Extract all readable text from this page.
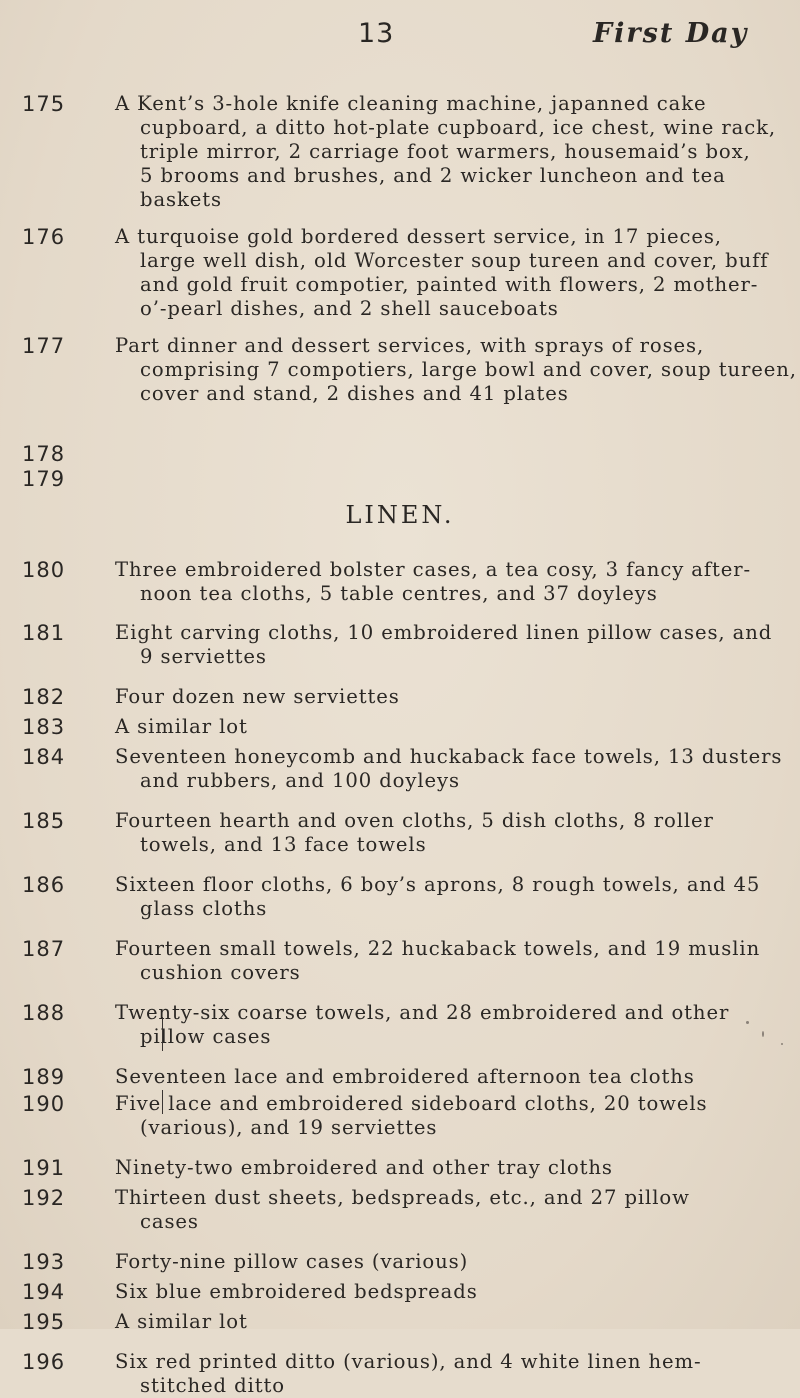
13	First Day
175	A Kent’s 3-hole knife cleaning machine, japanned cake
cupboard, a ditto hot-plate cupboard, ice chest, wine rack,
triple mirror, 2 carriage foot warmers, housemaid’s box,
5 brooms and brushes, and 2 wicker luncheon and tea
baskets
176	A turquoise gold bordered dessert service, in 17 pieces,
large well dish, old Worcester soup tureen and cover, buff
and gold fruit compotier, painted with flowers, 2 mother-
o’-pearl dishes, and 2 shell sauceboats
177	Part dinner and dessert services, with sprays of roses,
comprising 7 compotiers, large bowl and cover, soup tureen,
cover and stand, 2 dishes and 41 plates
178
179
LINEN.
180	Three embroidered bolster cases, a tea cosy, 3 fancy after-
noon tea cloths, 5 table centres, and 37 doyleys
181	Eight carving cloths, 10 embroidered linen pillow cases, and
9 serviettes
182	Four dozen new serviettes
183	A similar lot
184	Seventeen honeycomb and huckaback face towels, 13 dusters
and rubbers, and 100 doyleys
185	Fourteen hearth and oven cloths, 5 dish cloths, 8 roller
towels, and 13 face towels
186	Sixteen floor cloths, 6 boy’s aprons, 8 rough towels, and 45
glass cloths
187	Fourteen small towels, 22 huckaback towels, and 19 muslin
cushion covers
188	Twenty-six coarse towels, and 28 embroidered and other
pillow cases
189	Seventeen lace and embroidered afternoon tea cloths
190	Five lace and embroidered sideboard cloths, 20 towels
(various), and 19 serviettes
191	Ninety-two embroidered and other tray cloths
192	Thirteen dust sheets, bedspreads, etc., and 27 pillow
cases
193	Forty-nine pillow cases (various)
194	Six blue embroidered bedspreads
195	A similar lot
196	Six red printed ditto (various), and 4 white linen hem-
stitched ditto
